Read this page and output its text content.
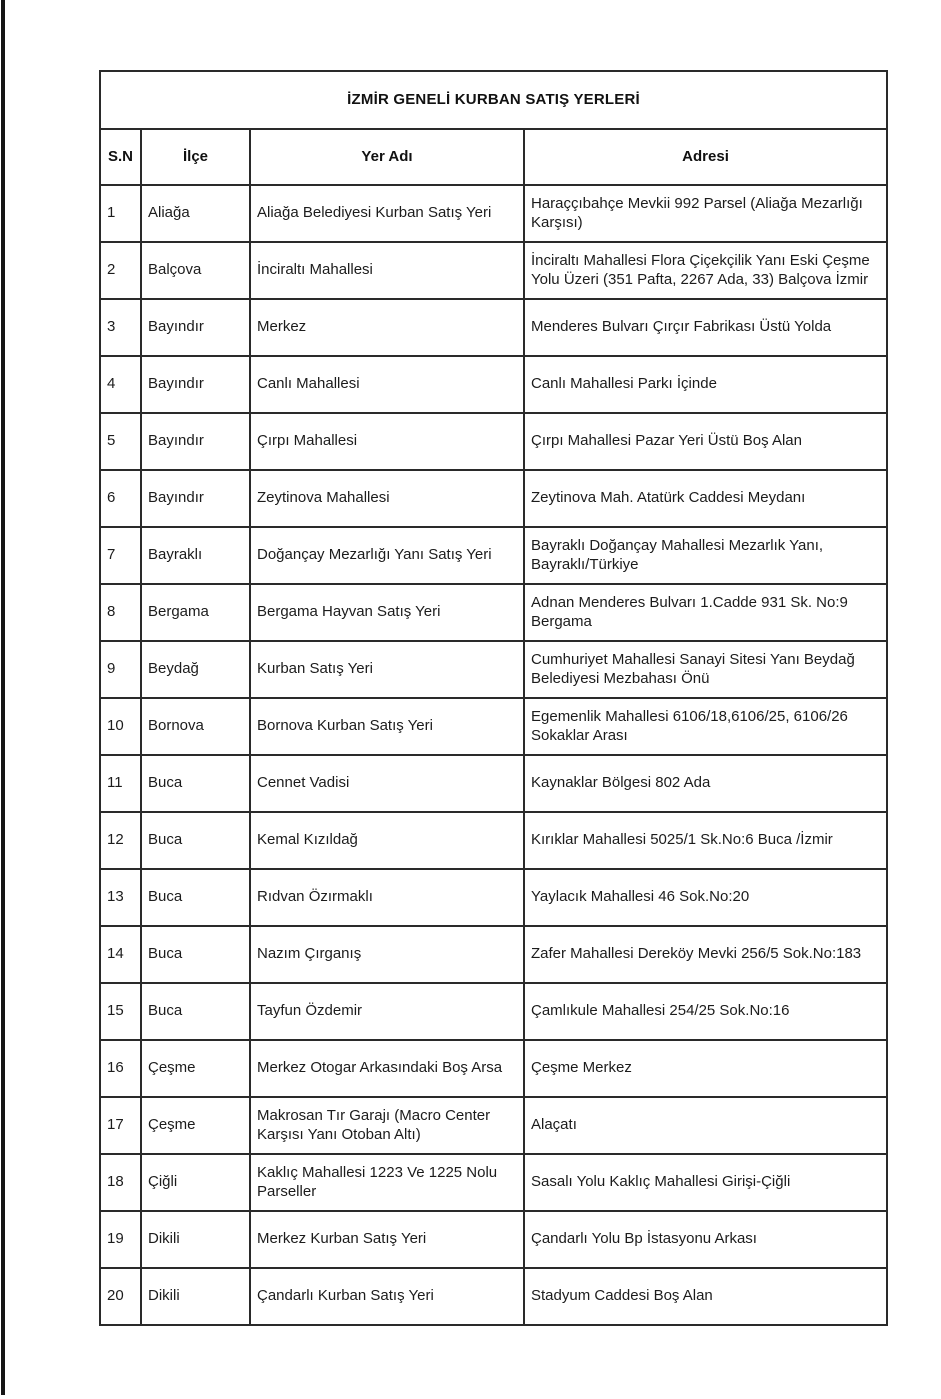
İZMİR GENELİ KURBAN SATIŞ YERLERİ			
S.N	İlçe	Yer Adı	Adresi
1	Aliağa	Aliağa Belediyesi Kurban Satış Yeri	Haraççıbahçe Mevkii 992 Parsel (Aliağa Mezarlığı Karşısı)
2	Balçova	İnciraltı Mahallesi	İnciraltı Mahallesi Flora Çiçekçilik Yanı Eski Çeşme Yolu Üzeri (351 Pafta, 2267 Ada, 33) Balçova İzmir
3	Bayındır	Merkez	Menderes Bulvarı Çırçır Fabrikası Üstü Yolda
4	Bayındır	Canlı Mahallesi	Canlı Mahallesi Parkı İçinde
5	Bayındır	Çırpı Mahallesi	Çırpı Mahallesi Pazar Yeri Üstü Boş Alan
6	Bayındır	Zeytinova Mahallesi	Zeytinova Mah. Atatürk Caddesi Meydanı
7	Bayraklı	Doğançay Mezarlığı Yanı Satış Yeri	Bayraklı Doğançay Mahallesi Mezarlık Yanı, Bayraklı/Türkiye
8	Bergama	Bergama Hayvan Satış Yeri	Adnan Menderes Bulvarı 1.Cadde 931 Sk. No:9 Bergama
9	Beydağ	Kurban Satış Yeri	Cumhuriyet Mahallesi Sanayi Sitesi Yanı Beydağ Belediyesi Mezbahası Önü
10	Bornova	Bornova Kurban Satış Yeri	Egemenlik Mahallesi 6106/18,6106/25, 6106/26 Sokaklar Arası
11	Buca	Cennet Vadisi	Kaynaklar Bölgesi 802 Ada
12	Buca	Kemal Kızıldağ	Kırıklar Mahallesi 5025/1 Sk.No:6 Buca /İzmir
13	Buca	Rıdvan Özırmaklı	Yaylacık Mahallesi 46 Sok.No:20
14	Buca	Nazım Çırganış	Zafer Mahallesi Dereköy Mevki 256/5 Sok.No:183
15	Buca	Tayfun Özdemir	Çamlıkule Mahallesi 254/25 Sok.No:16
16	Çeşme	Merkez Otogar Arkasındaki Boş Arsa	Çeşme Merkez
17	Çeşme	Makrosan Tır Garajı (Macro Center Karşısı Yanı Otoban Altı)	Alaçatı
18	Çiğli	Kaklıç Mahallesi 1223 Ve 1225 Nolu Parseller	Sasalı Yolu Kaklıç Mahallesi Girişi-Çiğli
19	Dikili	Merkez Kurban Satış Yeri	Çandarlı Yolu Bp İstasyonu Arkası
20	Dikili	Çandarlı Kurban Satış Yeri	Stadyum Caddesi Boş Alan
